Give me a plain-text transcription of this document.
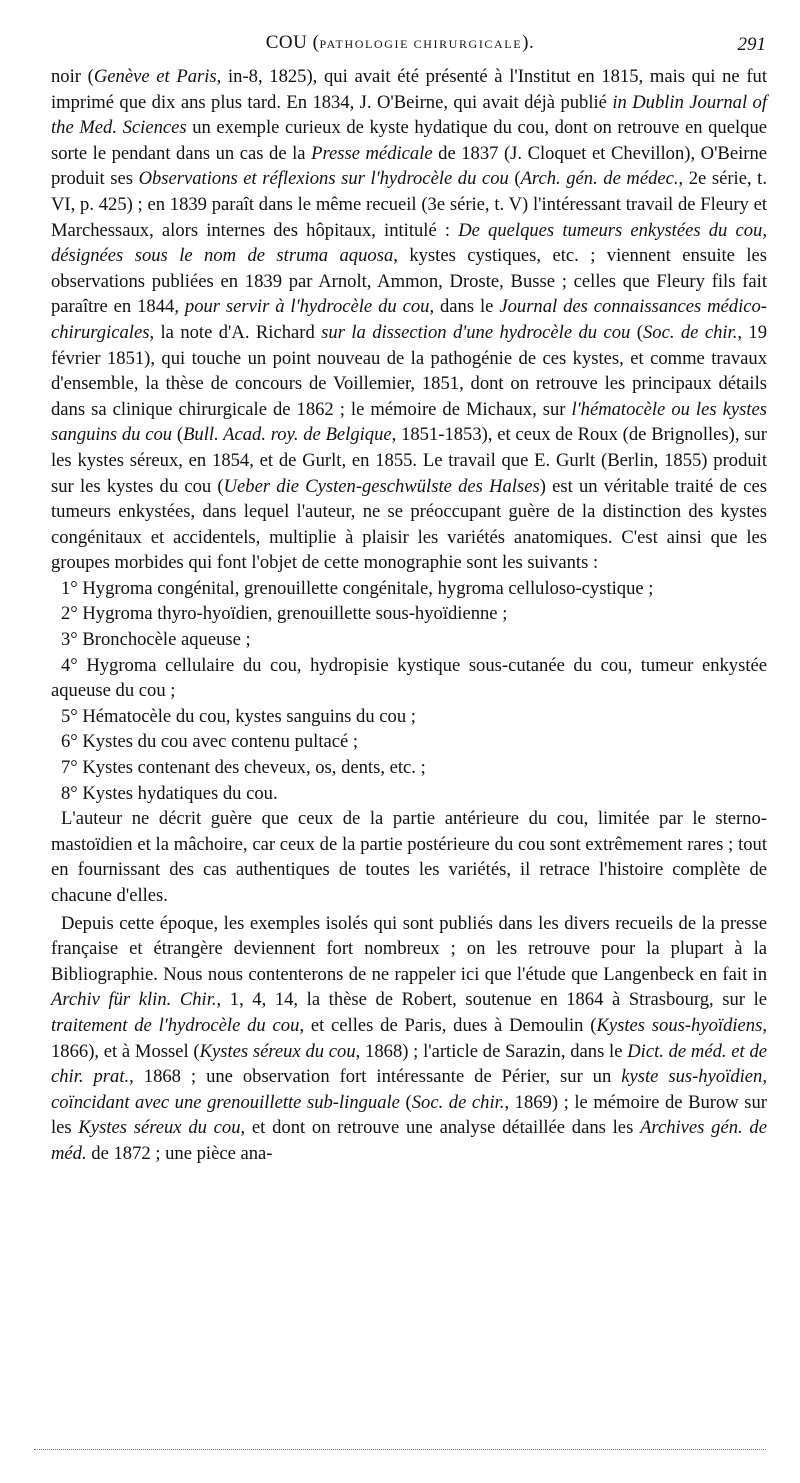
COU (PATHOLOGIE CHIRURGICALE).	291

noir (Genève et Paris, in-8, 1825), qui avait été présenté à l'Institut en 1815, mais qui ne fut imprimé que dix ans plus tard. En 1834, J. O'Beirne, qui avait déjà publié in Dublin Journal of the Med. Sciences un exemple curieux de kyste hydatique du cou, dont on retrouve en quelque sorte le pendant dans un cas de la Presse médicale de 1837 (J. Cloquet et Chevillon), O'Beirne produit ses Observations et réflexions sur l'hydrocèle du cou (Arch. gén. de médec., 2e série, t. VI, p. 425) ; en 1839 paraît dans le même recueil (3e série, t. V) l'intéressant travail de Fleury et Marchessaux, alors internes des hôpitaux, intitulé : De quelques tumeurs enkystées du cou, désignées sous le nom de struma aquosa, kystes cystiques, etc. ; viennent ensuite les observations publiées en 1839 par Arnolt, Ammon, Droste, Busse ; celles que Fleury fils fait paraître en 1844, pour servir à l'hydrocèle du cou, dans le Journal des connaissances médico-chirurgicales, la note d'A. Richard sur la dissection d'une hydrocèle du cou (Soc. de chir., 19 février 1851), qui touche un point nouveau de la pathogénie de ces kystes, et comme travaux d'ensemble, la thèse de concours de Voillemier, 1851, dont on retrouve les principaux détails dans sa clinique chirurgicale de 1862 ; le mémoire de Michaux, sur l'hématocèle ou les kystes sanguins du cou (Bull. Acad. roy. de Belgique, 1851-1853), et ceux de Roux (de Brignolles), sur les kystes séreux, en 1854, et de Gurlt, en 1855. Le travail que E. Gurlt (Berlin, 1855) produit sur les kystes du cou (Ueber die Cysten-geschwülste des Halses) est un véritable traité de ces tumeurs enkystées, dans lequel l'auteur, ne se préoccupant guère de la distinction des kystes congénitaux et accidentels, multiplie à plaisir les variétés anatomiques. C'est ainsi que les groupes morbides qui font l'objet de cette monographie sont les suivants :

1° Hygroma congénital, grenouillette congénitale, hygroma celluloso-cystique ;

2° Hygroma thyro-hyoïdien, grenouillette sous-hyoïdienne ;

3° Bronchocèle aqueuse ;

4° Hygroma cellulaire du cou, hydropisie kystique sous-cutanée du cou, tumeur enkystée aqueuse du cou ;

5° Hématocèle du cou, kystes sanguins du cou ;

6° Kystes du cou avec contenu pultacé ;

7° Kystes contenant des cheveux, os, dents, etc. ;

8° Kystes hydatiques du cou.

L'auteur ne décrit guère que ceux de la partie antérieure du cou, limitée par le sterno-mastoïdien et la mâchoire, car ceux de la partie postérieure du cou sont extrêmement rares ; tout en fournissant des cas authentiques de toutes les variétés, il retrace l'histoire complète de chacune d'elles.

Depuis cette époque, les exemples isolés qui sont publiés dans les divers recueils de la presse française et étrangère deviennent fort nombreux ; on les retrouve pour la plupart à la Bibliographie. Nous nous contenterons de ne rappeler ici que l'étude que Langenbeck en fait in Archiv für klin. Chir., 1, 4, 14, la thèse de Robert, soutenue en 1864 à Strasbourg, sur le traitement de l'hydrocèle du cou, et celles de Paris, dues à Demoulin (Kystes sous-hyoïdiens, 1866), et à Mossel (Kystes séreux du cou, 1868) ; l'article de Sarazin, dans le Dict. de méd. et de chir. prat., 1868 ; une observation fort intéressante de Périer, sur un kyste sus-hyoïdien, coïncidant avec une grenouillette sub-linguale (Soc. de chir., 1869) ; le mémoire de Burow sur les Kystes séreux du cou, et dont on retrouve une analyse détaillée dans les Archives gén. de méd. de 1872 ; une pièce ana-
